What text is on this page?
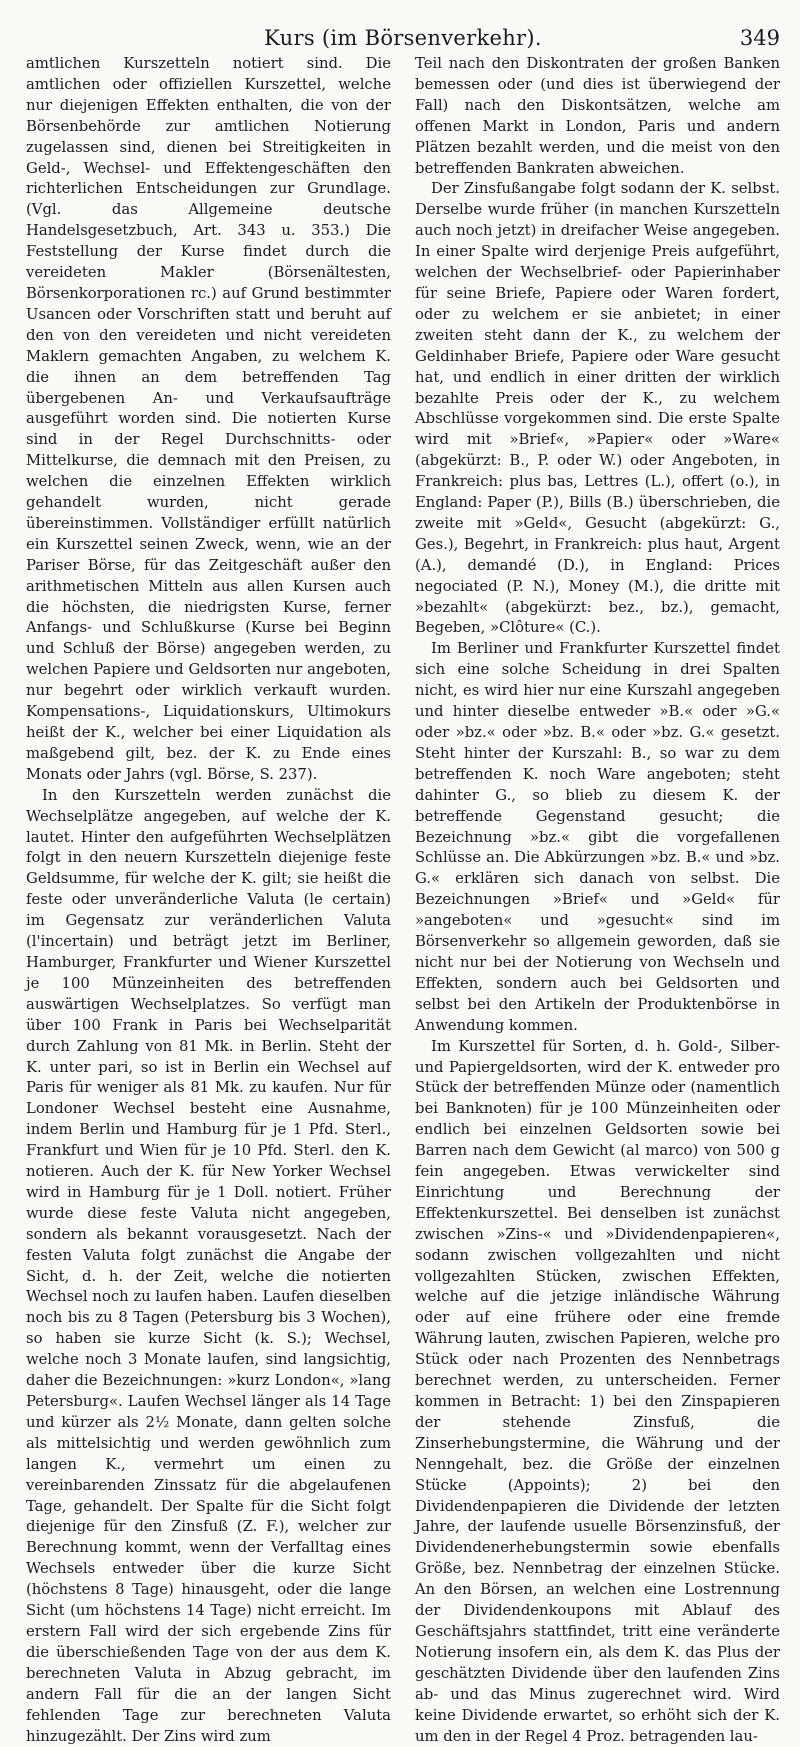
Kurs (im Börsenverkehr).	349

amtlichen Kurszetteln notiert sind. Die amtlichen oder offiziellen Kurszettel, welche nur diejenigen Effekten enthalten, die von der Börsenbehörde zur amtlichen Notierung zugelassen sind, dienen bei Streitigkeiten in Geld-, Wechsel- und Effektengeschäften den richterlichen Entscheidungen zur Grundlage. (Vgl. das Allgemeine deutsche Handelsgesetzbuch, Art. 343 u. 353.) Die Feststellung der Kurse findet durch die vereideten Makler (Börsenältesten, Börsenkorporationen rc.) auf Grund bestimmter Usancen oder Vorschriften statt und beruht auf den von den vereideten und nicht vereideten Maklern gemachten Angaben, zu welchem K. die ihnen an dem betreffenden Tag übergebenen An- und Verkaufsaufträge ausgeführt worden sind. Die notierten Kurse sind in der Regel Durchschnitts- oder Mittelkurse, die demnach mit den Preisen, zu welchen die einzelnen Effekten wirklich gehandelt wurden, nicht gerade übereinstimmen. Vollständiger erfüllt natürlich ein Kurszettel seinen Zweck, wenn, wie an der Pariser Börse, für das Zeitgeschäft außer den arithmetischen Mitteln aus allen Kursen auch die höchsten, die niedrigsten Kurse, ferner Anfangs- und Schlußkurse (Kurse bei Beginn und Schluß der Börse) angegeben werden, zu welchen Papiere und Geldsorten nur angeboten, nur begehrt oder wirklich verkauft wurden. Kompensations-, Liquidationskurs, Ultimokurs heißt der K., welcher bei einer Liquidation als maßgebend gilt, bez. der K. zu Ende eines Monats oder Jahrs (vgl. Börse, S. 237).

In den Kurszetteln werden zunächst die Wechselplätze angegeben, auf welche der K. lautet. Hinter den aufgeführten Wechselplätzen folgt in den neuern Kurszetteln diejenige feste Geldsumme, für welche der K. gilt; sie heißt die feste oder unveränderliche Valuta (le certain) im Gegensatz zur veränderlichen Valuta (l'incertain) und beträgt jetzt im Berliner, Hamburger, Frankfurter und Wiener Kurszettel je 100 Münzeinheiten des betreffenden auswärtigen Wechselplatzes. So verfügt man über 100 Frank in Paris bei Wechselparität durch Zahlung von 81 Mk. in Berlin. Steht der K. unter pari, so ist in Berlin ein Wechsel auf Paris für weniger als 81 Mk. zu kaufen. Nur für Londoner Wechsel besteht eine Ausnahme, indem Berlin und Hamburg für je 1 Pfd. Sterl., Frankfurt und Wien für je 10 Pfd. Sterl. den K. notieren. Auch der K. für New Yorker Wechsel wird in Hamburg für je 1 Doll. notiert. Früher wurde diese feste Valuta nicht angegeben, sondern als bekannt vorausgesetzt. Nach der festen Valuta folgt zunächst die Angabe der Sicht, d. h. der Zeit, welche die notierten Wechsel noch zu laufen haben. Laufen dieselben noch bis zu 8 Tagen (Petersburg bis 3 Wochen), so haben sie kurze Sicht (k. S.); Wechsel, welche noch 3 Monate laufen, sind langsichtig, daher die Bezeichnungen: »kurz London«, »lang Petersburg«. Laufen Wechsel länger als 14 Tage und kürzer als 2½ Monate, dann gelten solche als mittelsichtig und werden gewöhnlich zum langen K., vermehrt um einen zu vereinbarenden Zinssatz für die abgelaufenen Tage, gehandelt. Der Spalte für die Sicht folgt diejenige für den Zinsfuß (Z. F.), welcher zur Berechnung kommt, wenn der Verfalltag eines Wechsels entweder über die kurze Sicht (höchstens 8 Tage) hinausgeht, oder die lange Sicht (um höchstens 14 Tage) nicht erreicht. Im erstern Fall wird der sich ergebende Zins für die überschießenden Tage von der aus dem K. berechneten Valuta in Abzug gebracht, im andern Fall für die an der langen Sicht fehlenden Tage zur berechneten Valuta hinzugezählt. Der Zins wird zum

Teil nach den Diskontraten der großen Banken bemessen oder (und dies ist überwiegend der Fall) nach den Diskontsätzen, welche am offenen Markt in London, Paris und andern Plätzen bezahlt werden, und die meist von den betreffenden Bankraten abweichen.

Der Zinsfußangabe folgt sodann der K. selbst. Derselbe wurde früher (in manchen Kurszetteln auch noch jetzt) in dreifacher Weise angegeben. In einer Spalte wird derjenige Preis aufgeführt, welchen der Wechselbrief- oder Papierinhaber für seine Briefe, Papiere oder Waren fordert, oder zu welchem er sie anbietet; in einer zweiten steht dann der K., zu welchem der Geldinhaber Briefe, Papiere oder Ware gesucht hat, und endlich in einer dritten der wirklich bezahlte Preis oder der K., zu welchem Abschlüsse vorgekommen sind. Die erste Spalte wird mit »Brief«, »Papier« oder »Ware« (abgekürzt: B., P. oder W.) oder Angeboten, in Frankreich: plus bas, Lettres (L.), offert (o.), in England: Paper (P.), Bills (B.) überschrieben, die zweite mit »Geld«, Gesucht (abgekürzt: G., Ges.), Begehrt, in Frankreich: plus haut, Argent (A.), demandé (D.), in England: Prices negociated (P. N.), Money (M.), die dritte mit »bezahlt« (abgekürzt: bez., bz.), gemacht, Begeben, »Clôture« (C.).

Im Berliner und Frankfurter Kurszettel findet sich eine solche Scheidung in drei Spalten nicht, es wird hier nur eine Kurszahl angegeben und hinter dieselbe entweder »B.« oder »G.« oder »bz.« oder »bz. B.« oder »bz. G.« gesetzt. Steht hinter der Kurszahl: B., so war zu dem betreffenden K. noch Ware angeboten; steht dahinter G., so blieb zu diesem K. der betreffende Gegenstand gesucht; die Bezeichnung »bz.« gibt die vorgefallenen Schlüsse an. Die Abkürzungen »bz. B.« und »bz. G.« erklären sich danach von selbst. Die Bezeichnungen »Brief« und »Geld« für »angeboten« und »gesucht« sind im Börsenverkehr so allgemein geworden, daß sie nicht nur bei der Notierung von Wechseln und Effekten, sondern auch bei Geldsorten und selbst bei den Artikeln der Produktenbörse in Anwendung kommen.

Im Kurszettel für Sorten, d. h. Gold-, Silber- und Papiergeldsorten, wird der K. entweder pro Stück der betreffenden Münze oder (namentlich bei Banknoten) für je 100 Münzeinheiten oder endlich bei einzelnen Geldsorten sowie bei Barren nach dem Gewicht (al marco) von 500 g fein angegeben. Etwas verwickelter sind Einrichtung und Berechnung der Effektenkurszettel. Bei denselben ist zunächst zwischen »Zins-« und »Dividendenpapieren«, sodann zwischen vollgezahlten und nicht vollgezahlten Stücken, zwischen Effekten, welche auf die jetzige inländische Währung oder auf eine frühere oder eine fremde Währung lauten, zwischen Papieren, welche pro Stück oder nach Prozenten des Nennbetrags berechnet werden, zu unterscheiden. Ferner kommen in Betracht: 1) bei den Zinspapieren der stehende Zinsfuß, die Zinserhebungstermine, die Währung und der Nenngehalt, bez. die Größe der einzelnen Stücke (Appoints); 2) bei den Dividendenpapieren die Dividende der letzten Jahre, der laufende usuelle Börsenzinsfuß, der Dividendenerhebungstermin sowie ebenfalls Größe, bez. Nennbetrag der einzelnen Stücke. An den Börsen, an welchen eine Lostrennung der Dividendenkoupons mit Ablauf des Geschäftsjahrs stattfindet, tritt eine veränderte Notierung insofern ein, als dem K. das Plus der geschätzten Dividende über den laufenden Zins ab- und das Minus zugerechnet wird. Wird keine Dividende erwartet, so erhöht sich der K. um den in der Regel 4 Proz. betragenden lau-
